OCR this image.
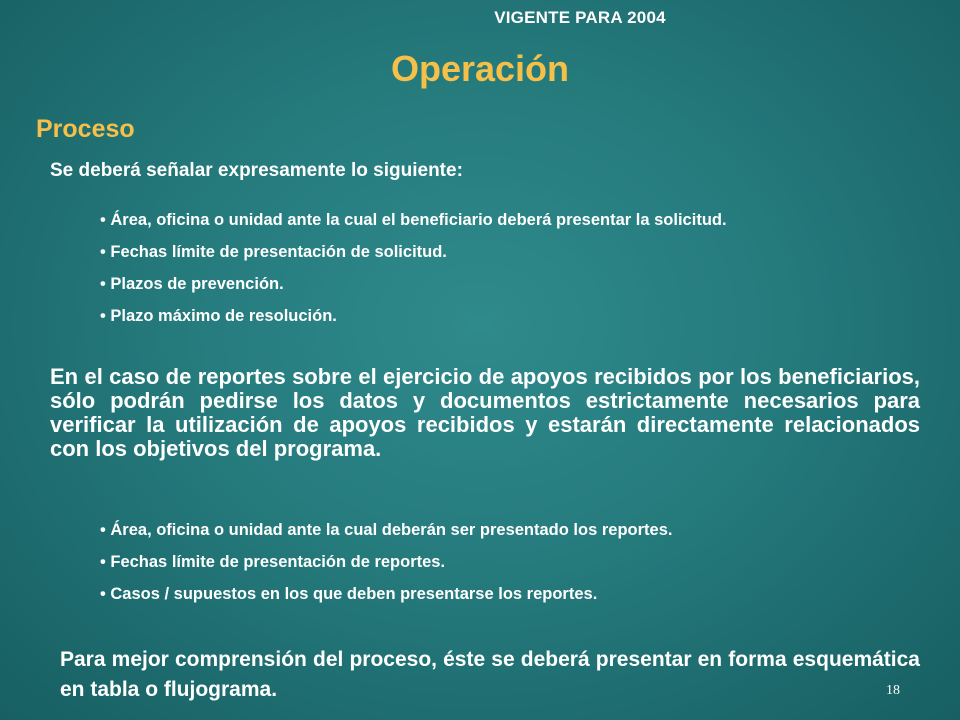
VIGENTE PARA 2004
Operación
Proceso
Se deberá señalar expresamente lo siguiente:
• Área, oficina o unidad ante la cual el beneficiario deberá presentar la solicitud.
• Fechas límite de presentación de solicitud.
• Plazos de prevención.
• Plazo máximo de resolución.

En el caso de reportes sobre el ejercicio de apoyos recibidos por los beneficiarios, sólo podrán pedirse los datos y documentos estrictamente necesarios para verificar la utilización de apoyos recibidos y estarán directamente relacionados con los objetivos del programa.

• Área, oficina o unidad ante la cual deberán ser presentado los reportes.
• Fechas límite de presentación de reportes.
• Casos / supuestos en los que deben presentarse los reportes.

Para mejor comprensión del proceso, éste se deberá presentar en forma esquemática en tabla o flujograma.	18
